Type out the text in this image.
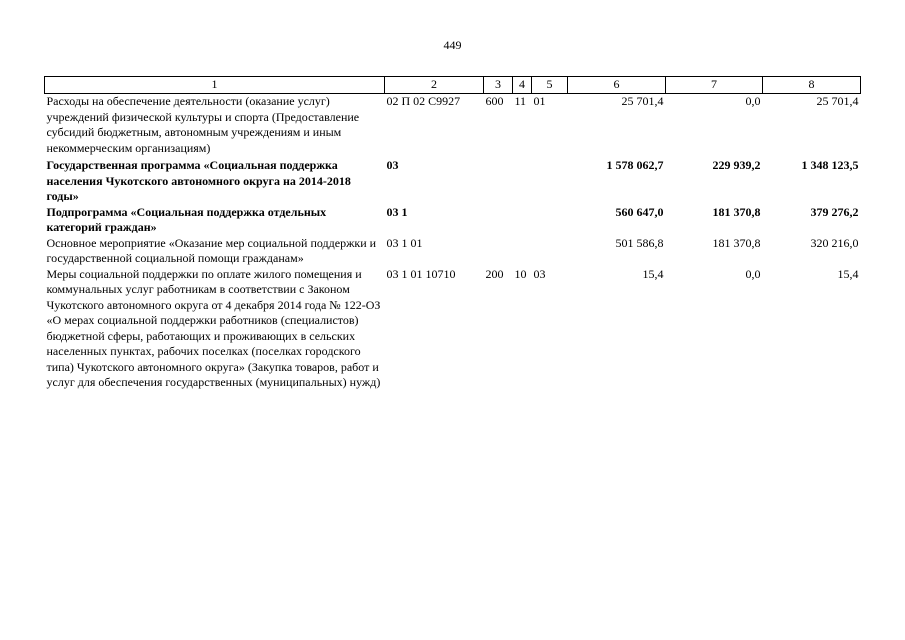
449
1	2	3	4	5	6	7	8
Расходы на обеспечение деятельности (оказание услуг) учреждений физической культуры и спорта (Предоставление субсидий бюджетным, автономным учреждениям и иным некоммерческим организациям)	02 П 02 С9927	600	11	01	25 701,4	0,0	25 701,4
Государственная программа «Социальная поддержка населения Чукотского автономного округа на 2014-2018 годы»	03				1 578 062,7	229 939,2	1 348 123,5
Подпрограмма «Социальная поддержка отдельных категорий граждан»	03 1				560 647,0	181 370,8	379 276,2
Основное мероприятие «Оказание мер социальной поддержки и государственной социальной помощи гражданам»	03 1 01				501 586,8	181 370,8	320 216,0
Меры социальной поддержки по оплате жилого помещения и коммунальных услуг работникам в соответствии с Законом Чукотского автономного округа от 4 декабря 2014 года № 122-ОЗ «О мерах социальной поддержки работников (специалистов) бюджетной сферы, работающих и проживающих в сельских населенных пунктах, рабочих поселках (поселках городского типа) Чукотского автономного округа» (Закупка товаров, работ и услуг для обеспечения государственных (муниципальных) нужд)	03 1 01 10710	200	10	03	15,4	0,0	15,4
